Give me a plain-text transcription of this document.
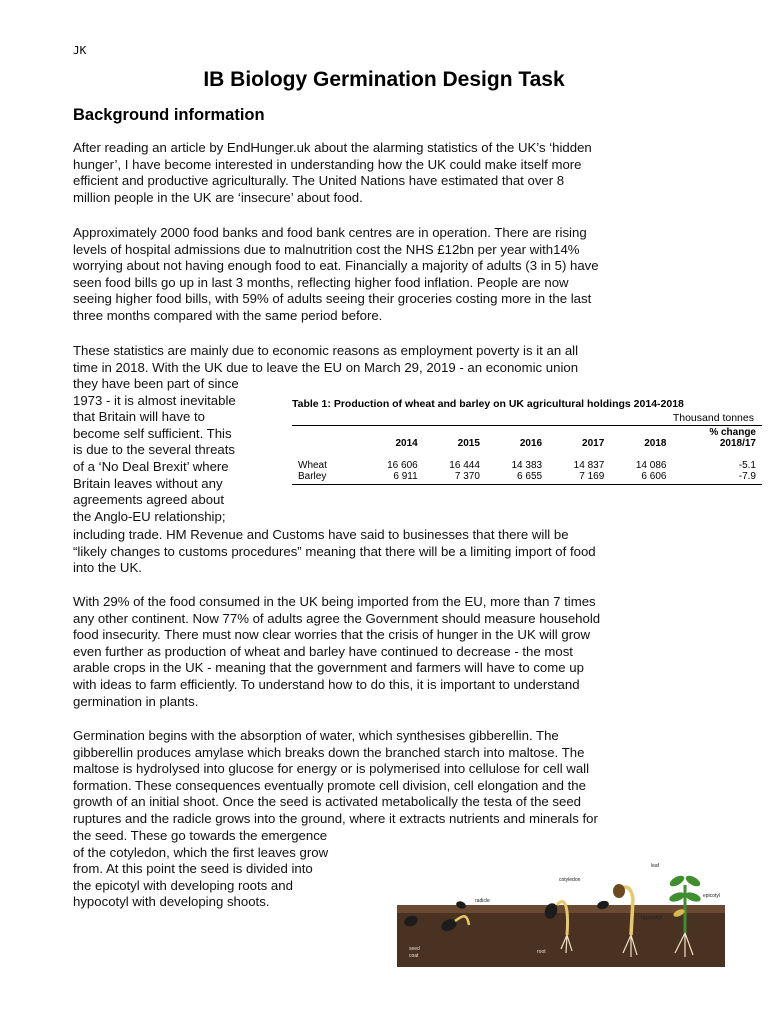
JK
IB Biology Germination Design Task
Background information
After reading an article by EndHunger.uk about the alarming statistics of the UK’s ‘hidden
hunger’, I have become interested in understanding how the UK could make itself more
efficient and productive agriculturally. The United Nations have estimated that over 8
million people in the UK are ‘insecure’ about food.
Approximately 2000 food banks and food bank centres are in operation. There are rising
levels of hospital admissions due to malnutrition cost the NHS £12bn per year with14%
worrying about not having enough food to eat. Financially a majority of adults (3 in 5) have
seen food bills go up in last 3 months, reflecting higher food inflation. People are now
seeing higher food bills, with 59% of adults seeing their groceries costing more in the last
three months compared with the same period before.
These statistics are mainly due to economic reasons as employment poverty is it an all
time in 2018. With the UK due to leave the EU on March 29, 2019 - an economic union
they have been part of since
1973 - it is almost inevitable
that Britain will have to
become self sufficient. This
is due to the several threats
of a ‘No Deal Brexit’ where
Britain leaves without any
agreements agreed about
the Anglo-EU relationship;
Table 1: Production of wheat and barley on UK agricultural holdings 2014-2018
Thousand tonnes
	2014	2015	2016	2017	2018	% change
2018/17

Wheat	16 606	16 444	14 383	14 837	14 086	-5.1
Barley	6 911	7 370	6 655	7 169	6 606	-7.9
including trade. HM Revenue and Customs have said to businesses that there will be
“likely changes to customs procedures” meaning that there will be a limiting import of food
into the UK.
With 29% of the food consumed in the UK being imported from the EU, more than 7 times
any other continent. Now 77% of adults agree the Government should measure household
food insecurity. There must now clear worries that the crisis of hunger in the UK will grow
even further as production of wheat and barley have continued to decrease - the most
arable crops in the UK - meaning that the government and farmers will have to come up
with ideas to farm efficiently. To understand how to do this, it is important to understand
germination in plants.
Germination begins with the absorption of water, which synthesises gibberellin. The
gibberellin produces amylase which breaks down the branched starch into maltose. The
maltose is hydrolysed into glucose for energy or is polymerised into cellulose for cell wall
formation. These consequences eventually promote cell division, cell elongation and the
growth of an initial shoot. Once the seed is activated metabolically the testa of the seed
ruptures and the radicle grows into the ground, where it extracts nutrients and minerals for
the seed. These go towards the emergence
of the cotyledon, which the first leaves grow
from. At this point the seed is divided into
the epicotyl with developing roots and
hypocotyl with developing shoots.
seed
coat
radicle
cotyledon
root
hypocotyl
leaf
epicotyl
